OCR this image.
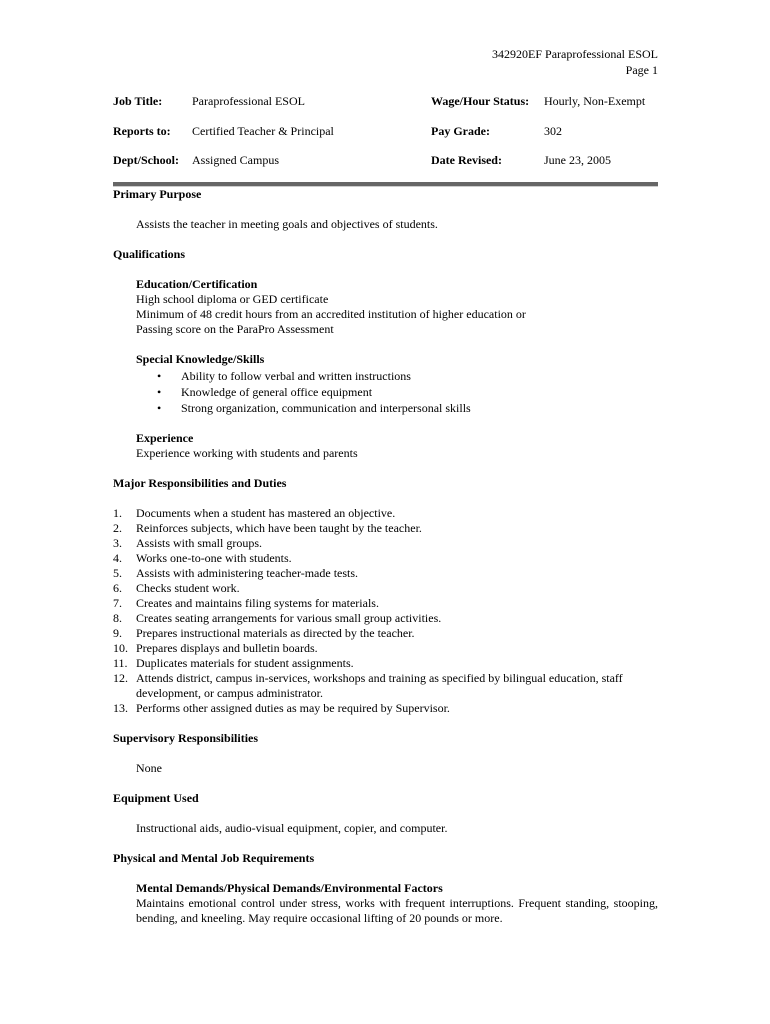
342920EF Paraprofessional ESOL
Page 1
Job Title: Paraprofessional ESOL	Wage/Hour Status: Hourly, Non-Exempt
Reports to: Certified Teacher & Principal	Pay Grade:	302
Dept/School: Assigned Campus	Date Revised:	June 23, 2005

Primary Purpose

Assists the teacher in meeting goals and objectives of students.

Qualifications

Education/Certification

High school diploma or GED certificate

Minimum of 48 credit hours from an accredited institution of higher education or

Passing score on the ParaPro Assessment

Special Knowledge/Skills

• Ability to follow verbal and written instructions
• Knowledge of general office equipment
• Strong organization, communication and interpersonal skills

Experience

Experience working with students and parents

Major Responsibilities and Duties

1. Documents when a student has mastered an objective.
2. Reinforces subjects, which have been taught by the teacher.
3. Assists with small groups.
4. Works one-to-one with students.
5. Assists with administering teacher-made tests.
6. Checks student work.
7. Creates and maintains filing systems for materials.
8. Creates seating arrangements for various small group activities.
9. Prepares instructional materials as directed by the teacher.
10. Prepares displays and bulletin boards.
11. Duplicates materials for student assignments.
12. Attends district, campus in-services, workshops and training as specified by bilingual education, staff development, or campus administrator.
13. Performs other assigned duties as may be required by Supervisor.

Supervisory Responsibilities

None

Equipment Used

Instructional aids, audio-visual equipment, copier, and computer.

Physical and Mental Job Requirements

Mental Demands/Physical Demands/Environmental Factors

Maintains emotional control under stress, works with frequent interruptions. Frequent standing, stooping, bending, and kneeling. May require occasional lifting of 20 pounds or more.
